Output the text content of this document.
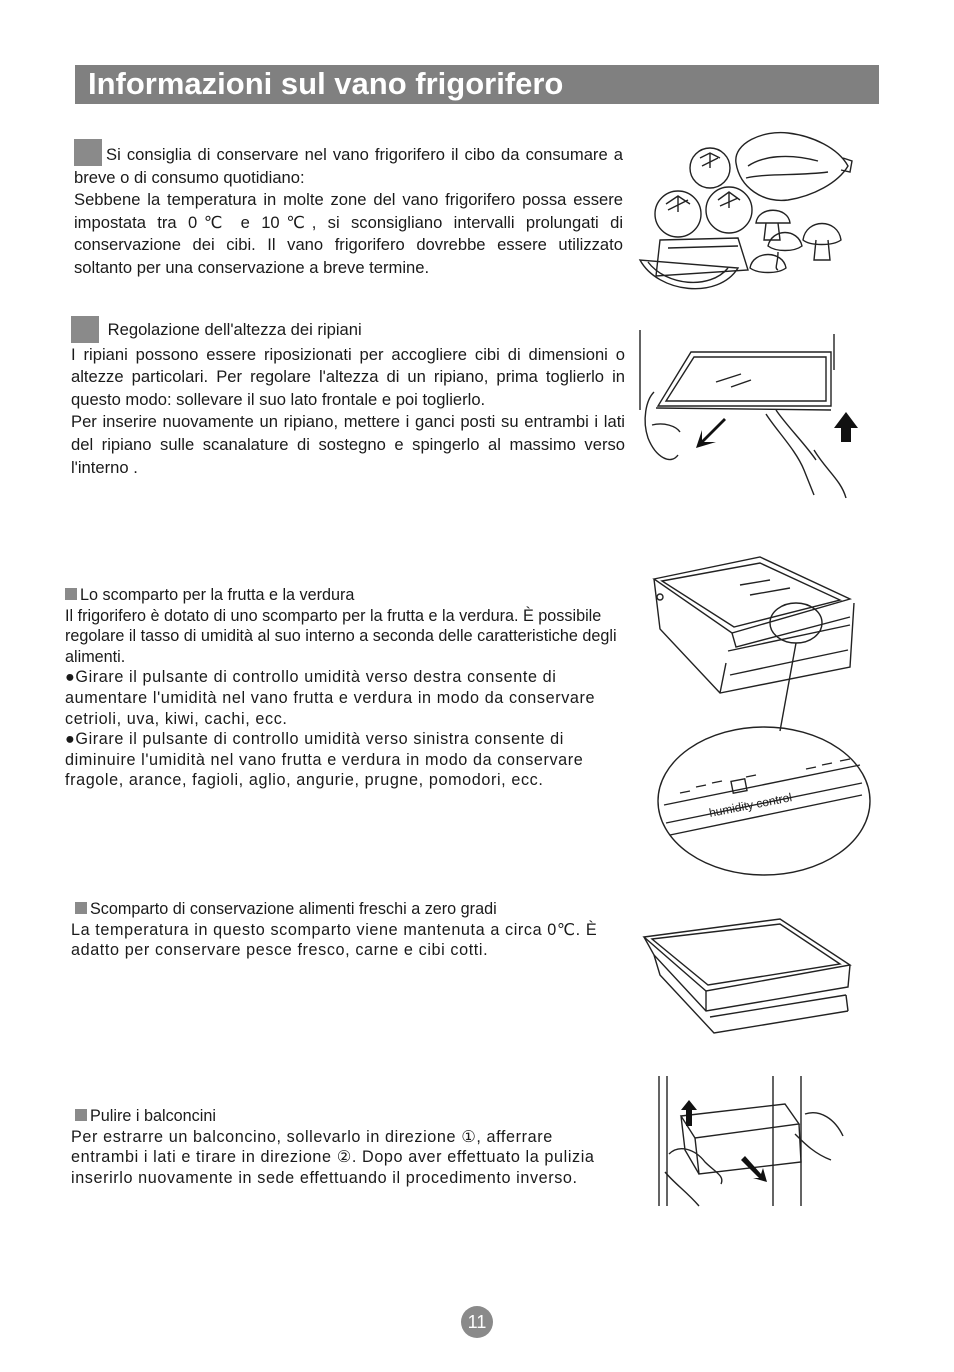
Informazioni sul vano frigorifero

Si consiglia di conservare nel vano frigorifero il cibo da consumare a breve o di consumo quotidiano:

Sebbene la temperatura in molte zone del vano frigorifero possa essere impostata tra 0℃ e 10℃, si sconsigliano intervalli prolungati di conservazione dei cibi. Il vano frigorifero dovrebbe essere utilizzato soltanto per una conservazione a breve termine.

Regolazione dell'altezza dei ripiani

I ripiani possono essere riposizionati per accogliere cibi di dimensioni o altezze particolari. Per regolare l'altezza di un ripiano, prima toglierlo in questo modo: sollevare il suo lato frontale e poi toglierlo.

Per inserire nuovamente un ripiano, mettere i ganci posti su entrambi i lati del ripiano sulle scanalature di sostegno e spingerlo al massimo verso l'interno .

Lo scomparto per la frutta e la verdura

Il frigorifero è dotato di uno scomparto per la frutta e la verdura. È possibile regolare il tasso di umidità al suo interno a seconda delle caratteristiche degli alimenti.

●Girare il pulsante di controllo umidità verso destra consente di aumentare l'umidità nel vano frutta e verdura in modo da conservare cetrioli, uva, kiwi, cachi, ecc.

●Girare il pulsante di controllo umidità verso sinistra consente di diminuire l'umidità nel vano frutta e verdura in modo da conservare fragole, arance, fagioli, aglio, angurie, prugne, pomodori, ecc.

humidity control

Scomparto di conservazione alimenti freschi a zero gradi

La temperatura in questo scomparto viene mantenuta a circa 0℃. È adatto per conservare pesce fresco, carne e cibi cotti.

Pulire i balconcini

Per estrarre un balconcino, sollevarlo in direzione ①, afferrare entrambi i lati e tirare in direzione ②. Dopo aver effettuato la pulizia inserirlo nuovamente in sede effettuando il procedimento inverso.

11
